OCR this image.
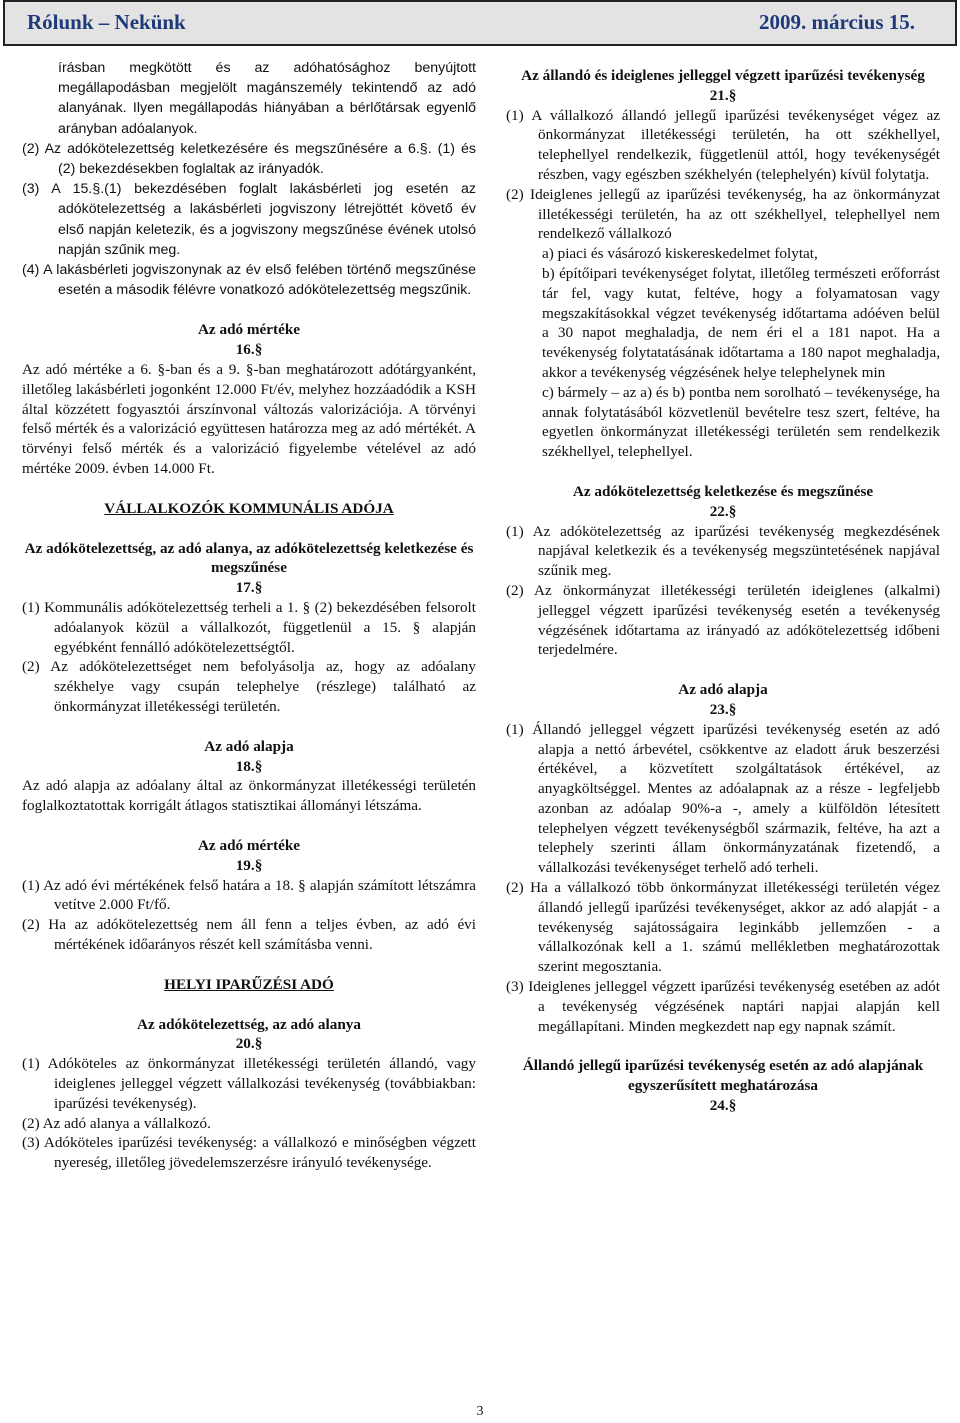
Rólunk – Nekünk	2009. március 15.

írásban megkötött és az adóhatósághoz benyújtott megállapodásban megjelölt magánszemély tekintendő az adó alanyának. Ilyen megállapodás hiányában a bérlőtársak egyenlő arányban adóalanyok.

(2) Az adókötelezettség keletkezésére és megszűnésére a 6.§. (1) és (2) bekezdésekben foglaltak az irányadók.

(3) A 15.§.(1) bekezdésében foglalt lakásbérleti jog esetén az adókötelezettség a lakásbérleti jogviszony létrejöttét követő év első napján keletezik, és a jogviszony megszűnése évének utolsó napján szűnik meg.

(4) A lakásbérleti jogviszonynak az év első felében történő megszűnése esetén a második félévre vonatkozó adókötelezettség megszűnik.

Az adó mértéke

16.§

Az adó mértéke a 6. §-ban és a 9. §-ban meghatározott adótárgyanként, illetőleg lakásbérleti jogonként 12.000 Ft/év, melyhez hozzáadódik a KSH által közzétett fogyasztói árszínvonal változás valorizációja. A törvényi felső mérték és a valorizáció együttesen határozza meg az adó mértékét. A törvényi felső mérték és a valorizáció figyelembe vételével az adó mértéke 2009. évben 14.000 Ft.

VÁLLALKOZÓK KOMMUNÁLIS ADÓJA

Az adókötelezettség, az adó alanya, az adókötelezettség keletkezése és megszűnése

17.§

(1) Kommunális adókötelezettség terheli a 1. § (2) bekezdésében felsorolt adóalanyok közül a vállalkozót, függetlenül a 15. § alapján egyébként fennálló adókötelezettségtől.

(2) Az adókötelezettséget nem befolyásolja az, hogy az adóalany székhelye vagy csupán telephelye (részlege) található az önkormányzat illetékességi területén.

Az adó alapja

18.§

Az adó alapja az adóalany által az önkormányzat illetékességi területén foglalkoztatottak korrigált átlagos statisztikai állományi létszáma.

Az adó mértéke

19.§

(1) Az adó évi mértékének felső határa a 18. § alapján számított létszámra vetítve 2.000 Ft/fő.

(2) Ha az adókötelezettség nem áll fenn a teljes évben, az adó évi mértékének időarányos részét kell számításba venni.

HELYI IPARŰZÉSI ADÓ

Az adókötelezettség, az adó alanya

20.§

(1) Adóköteles az önkormányzat illetékességi területén állandó, vagy ideiglenes jelleggel végzett vállalkozási tevékenység (továbbiakban: iparűzési tevékenység).

(2) Az adó alanya a vállalkozó.

(3) Adóköteles iparűzési tevékenység: a vállalkozó e minőségben végzett nyereség, illetőleg jövedelemszerzésre irányuló tevékenysége.

Az állandó és ideiglenes jelleggel végzett iparűzési tevékenység

21.§

(1) A vállalkozó állandó jellegű iparűzési tevékenységet végez az önkormányzat illetékességi területén, ha ott székhellyel, telephellyel rendelkezik, függetlenül attól, hogy tevékenységét részben, vagy egészben székhelyén (telephelyén) kívül folytatja.

(2) Ideiglenes jellegű az iparűzési tevékenység, ha az önkormányzat illetékességi területén, ha az ott székhellyel, telephellyel nem rendelkező vállalkozó

a) piaci és vásározó kiskereskedelmet folytat,

b) építőipari tevékenységet folytat, illetőleg természeti erőforrást tár fel, vagy kutat, feltéve, hogy a folyamatosan vagy megszakításokkal végzet tevékenység időtartama adóéven belül a 30 napot meghaladja, de nem éri el a 181 napot. Ha a tevékenység folytatatásának időtartama a 180 napot meghaladja, akkor a tevékenység végzésének helye telephelynek min

c) bármely – az a) és b) pontba nem sorolható – tevékenysége, ha annak folytatásából közvetlenül bevételre tesz szert, feltéve, ha egyetlen önkormányzat illetékességi területén sem rendelkezik székhellyel, telephellyel.

Az adókötelezettség keletkezése és megszűnése

22.§

(1) Az adókötelezettség az iparűzési tevékenység megkezdésének napjával keletkezik és a tevékenység megszüntetésének napjával szűnik meg.

(2) Az önkormányzat illetékességi területén ideiglenes (alkalmi) jelleggel végzett iparűzési tevékenység esetén a tevékenység végzésének időtartama az irányadó az adókötelezettség időbeni terjedelmére.

Az adó alapja

23.§

(1) Állandó jelleggel végzett iparűzési tevékenység esetén az adó alapja a nettó árbevétel, csökkentve az eladott áruk beszerzési értékével, a közvetített szolgáltatások értékével, az anyagköltséggel. Mentes az adóalapnak az a része - legfeljebb azonban az adóalap 90%-a -, amely a külföldön létesített telephelyen végzett tevékenységből származik, feltéve, ha azt a telephely szerinti állam önkormányzatának fizetendő, a vállalkozási tevékenységet terhelő adó terheli.

(2) Ha a vállalkozó több önkormányzat illetékességi területén végez állandó jellegű iparűzési tevékenységet, akkor az adó alapját - a tevékenység sajátosságaira leginkább jellemzően - a vállalkozónak kell a 1. számú mellékletben meghatározottak szerint megosztania.

(3) Ideiglenes jelleggel végzett iparűzési tevékenység esetében az adót a tevékenység végzésének naptári napjai alapján kell megállapítani. Minden megkezdett nap egy napnak számít.

Állandó jellegű iparűzési tevékenység esetén az adó alapjának egyszerűsített meghatározása

24.§

3
